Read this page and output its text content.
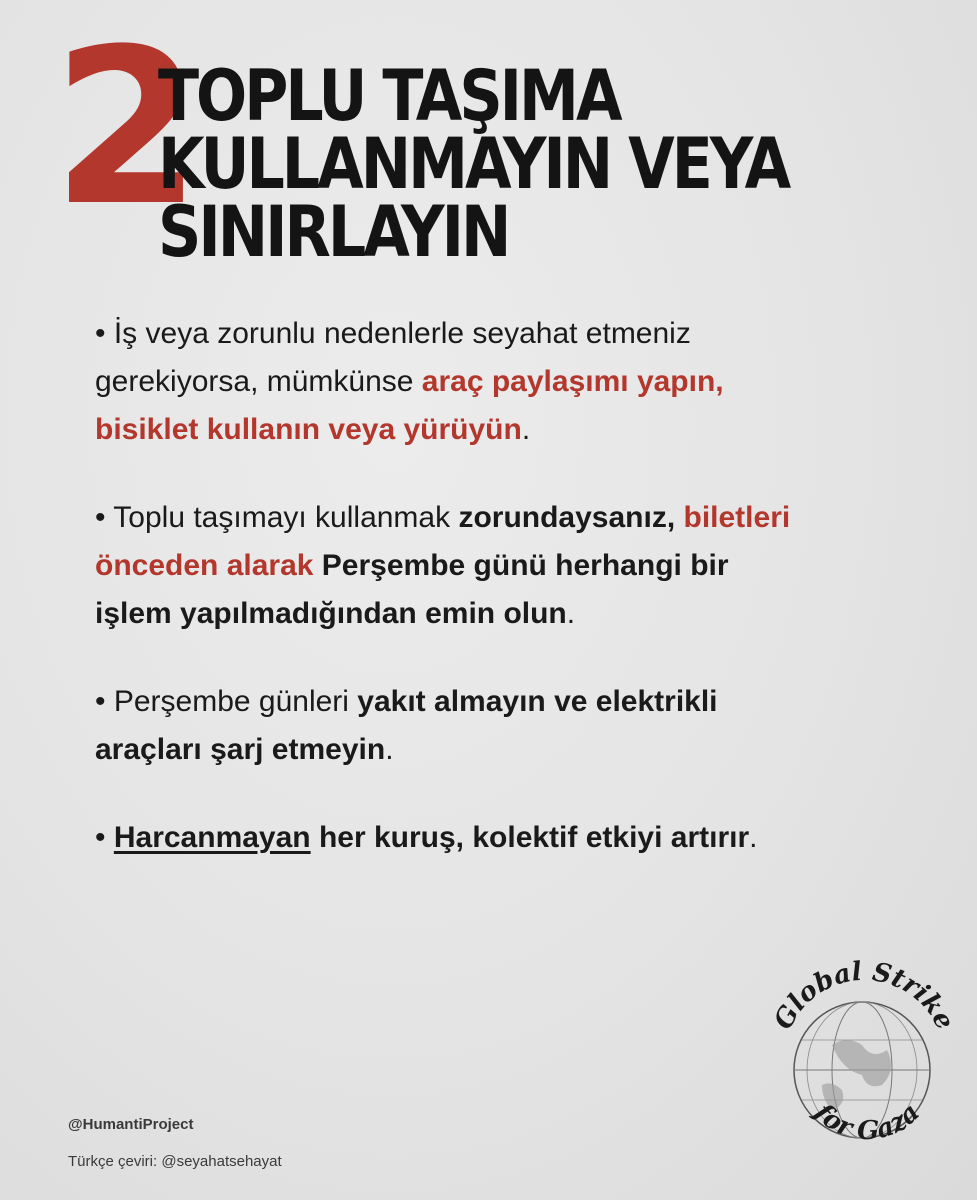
2
TOPLU TAŞIMA
KULLANMAYIN VEYA
SINIRLAYIN
• İş veya zorunlu nedenlerle seyahat etmeniz
gerekiyorsa, mümkünse araç paylaşımı yapın,
bisiklet kullanın veya yürüyün.
• Toplu taşımayı kullanmak zorundaysanız, biletleri
önceden alarak Perşembe günü herhangi bir
işlem yapılmadığından emin olun.
• Perşembe günleri yakıt almayın ve elektrikli
araçları şarj etmeyin.
• Harcanmayan her kuruş, kolektif etkiyi artırır.
@HumantiProject
Türkçe çeviri: @seyahatsehayat
Global Strike
for Gaza
